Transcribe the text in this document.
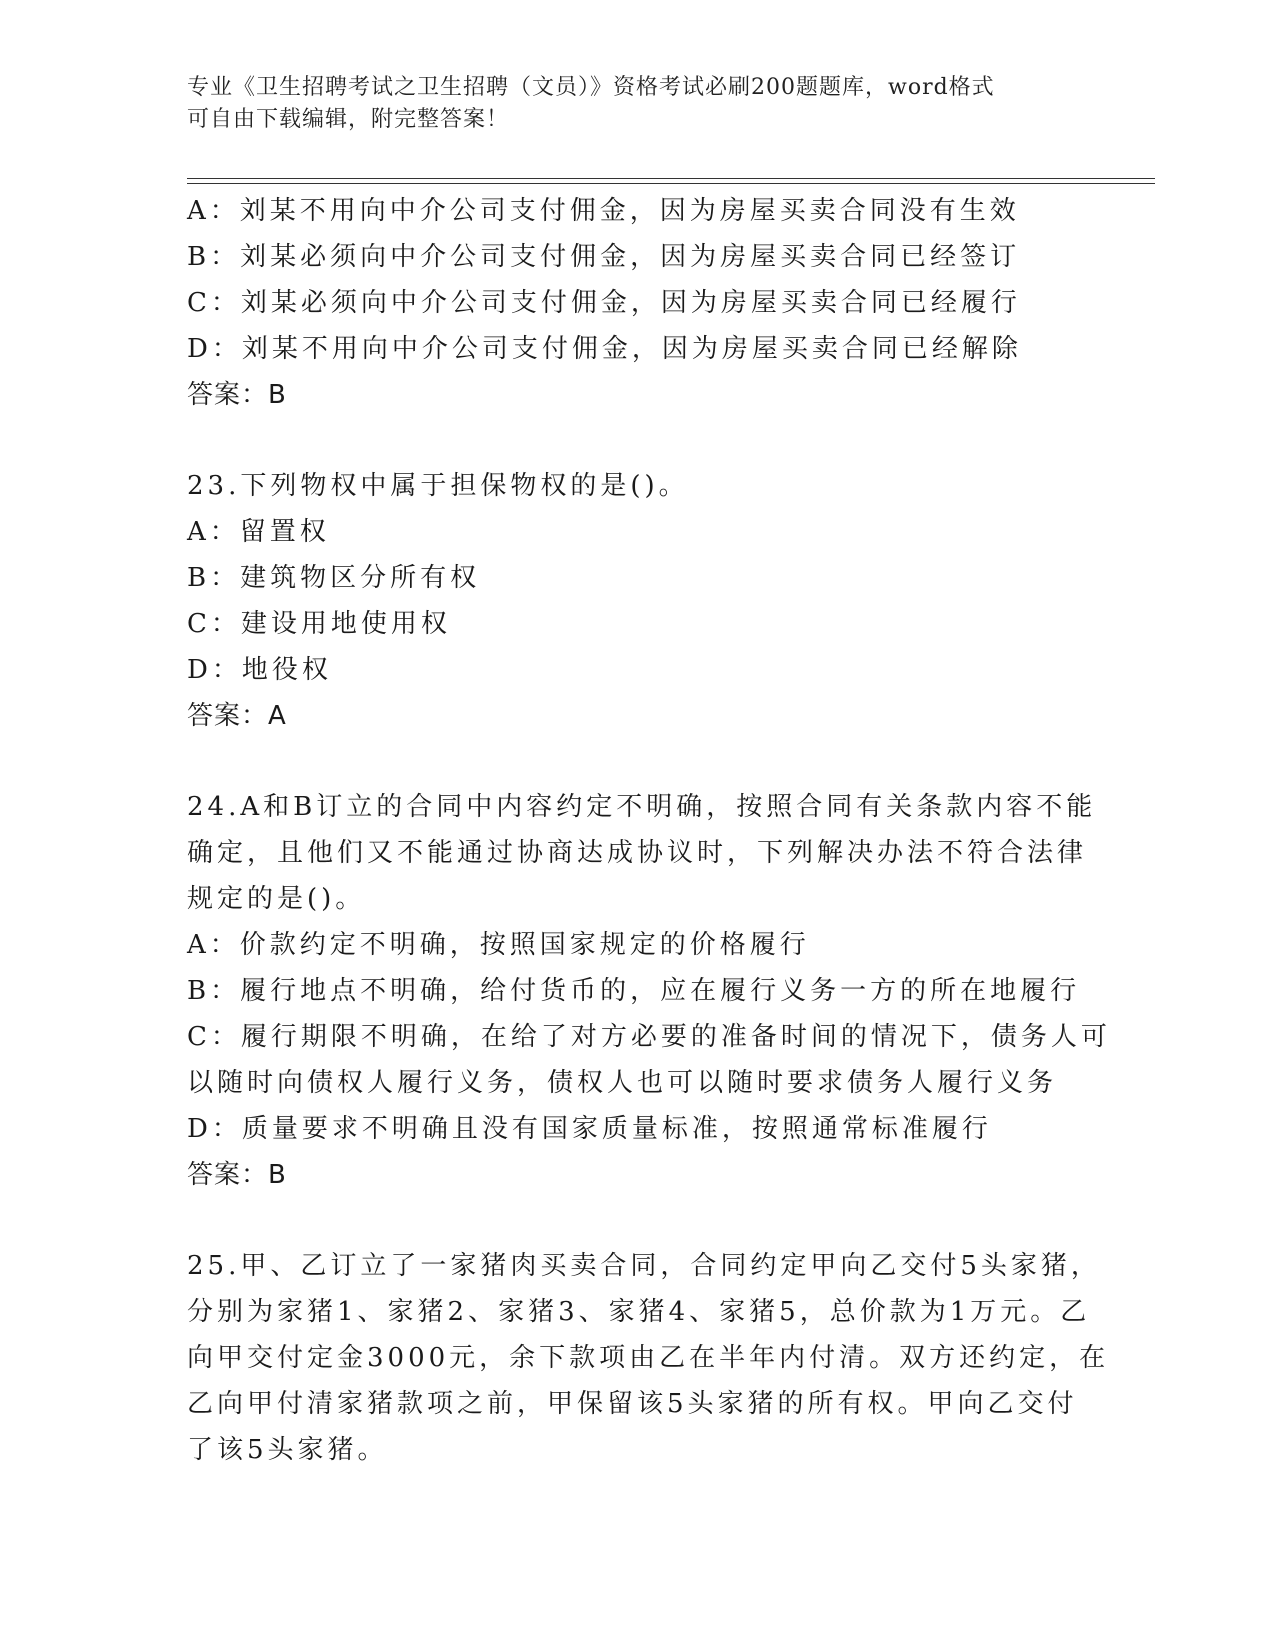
专业《卫生招聘考试之卫生招聘（文员）》资格考试必刷200题题库，word格式
可自由下载编辑，附完整答案！
A：刘某不用向中介公司支付佣金，因为房屋买卖合同没有生效
B：刘某必须向中介公司支付佣金，因为房屋买卖合同已经签订
C：刘某必须向中介公司支付佣金，因为房屋买卖合同已经履行
D：刘某不用向中介公司支付佣金，因为房屋买卖合同已经解除
答案：B
23.下列物权中属于担保物权的是()。
A：留置权
B：建筑物区分所有权
C：建设用地使用权
D：地役权
答案：A
24.A和B订立的合同中内容约定不明确，按照合同有关条款内容不能
确定，且他们又不能通过协商达成协议时，下列解决办法不符合法律
规定的是()。
A：价款约定不明确，按照国家规定的价格履行
B：履行地点不明确，给付货币的，应在履行义务一方的所在地履行
C：履行期限不明确，在给了对方必要的准备时间的情况下，债务人可
以随时向债权人履行义务，债权人也可以随时要求债务人履行义务
D：质量要求不明确且没有国家质量标准，按照通常标准履行
答案：B
25.甲、乙订立了一家猪肉买卖合同，合同约定甲向乙交付5头家猪，
分别为家猪1、家猪2、家猪3、家猪4、家猪5，总价款为1万元。乙
向甲交付定金3000元，余下款项由乙在半年内付清。双方还约定，在
乙向甲付清家猪款项之前，甲保留该5头家猪的所有权。甲向乙交付
了该5头家猪。
